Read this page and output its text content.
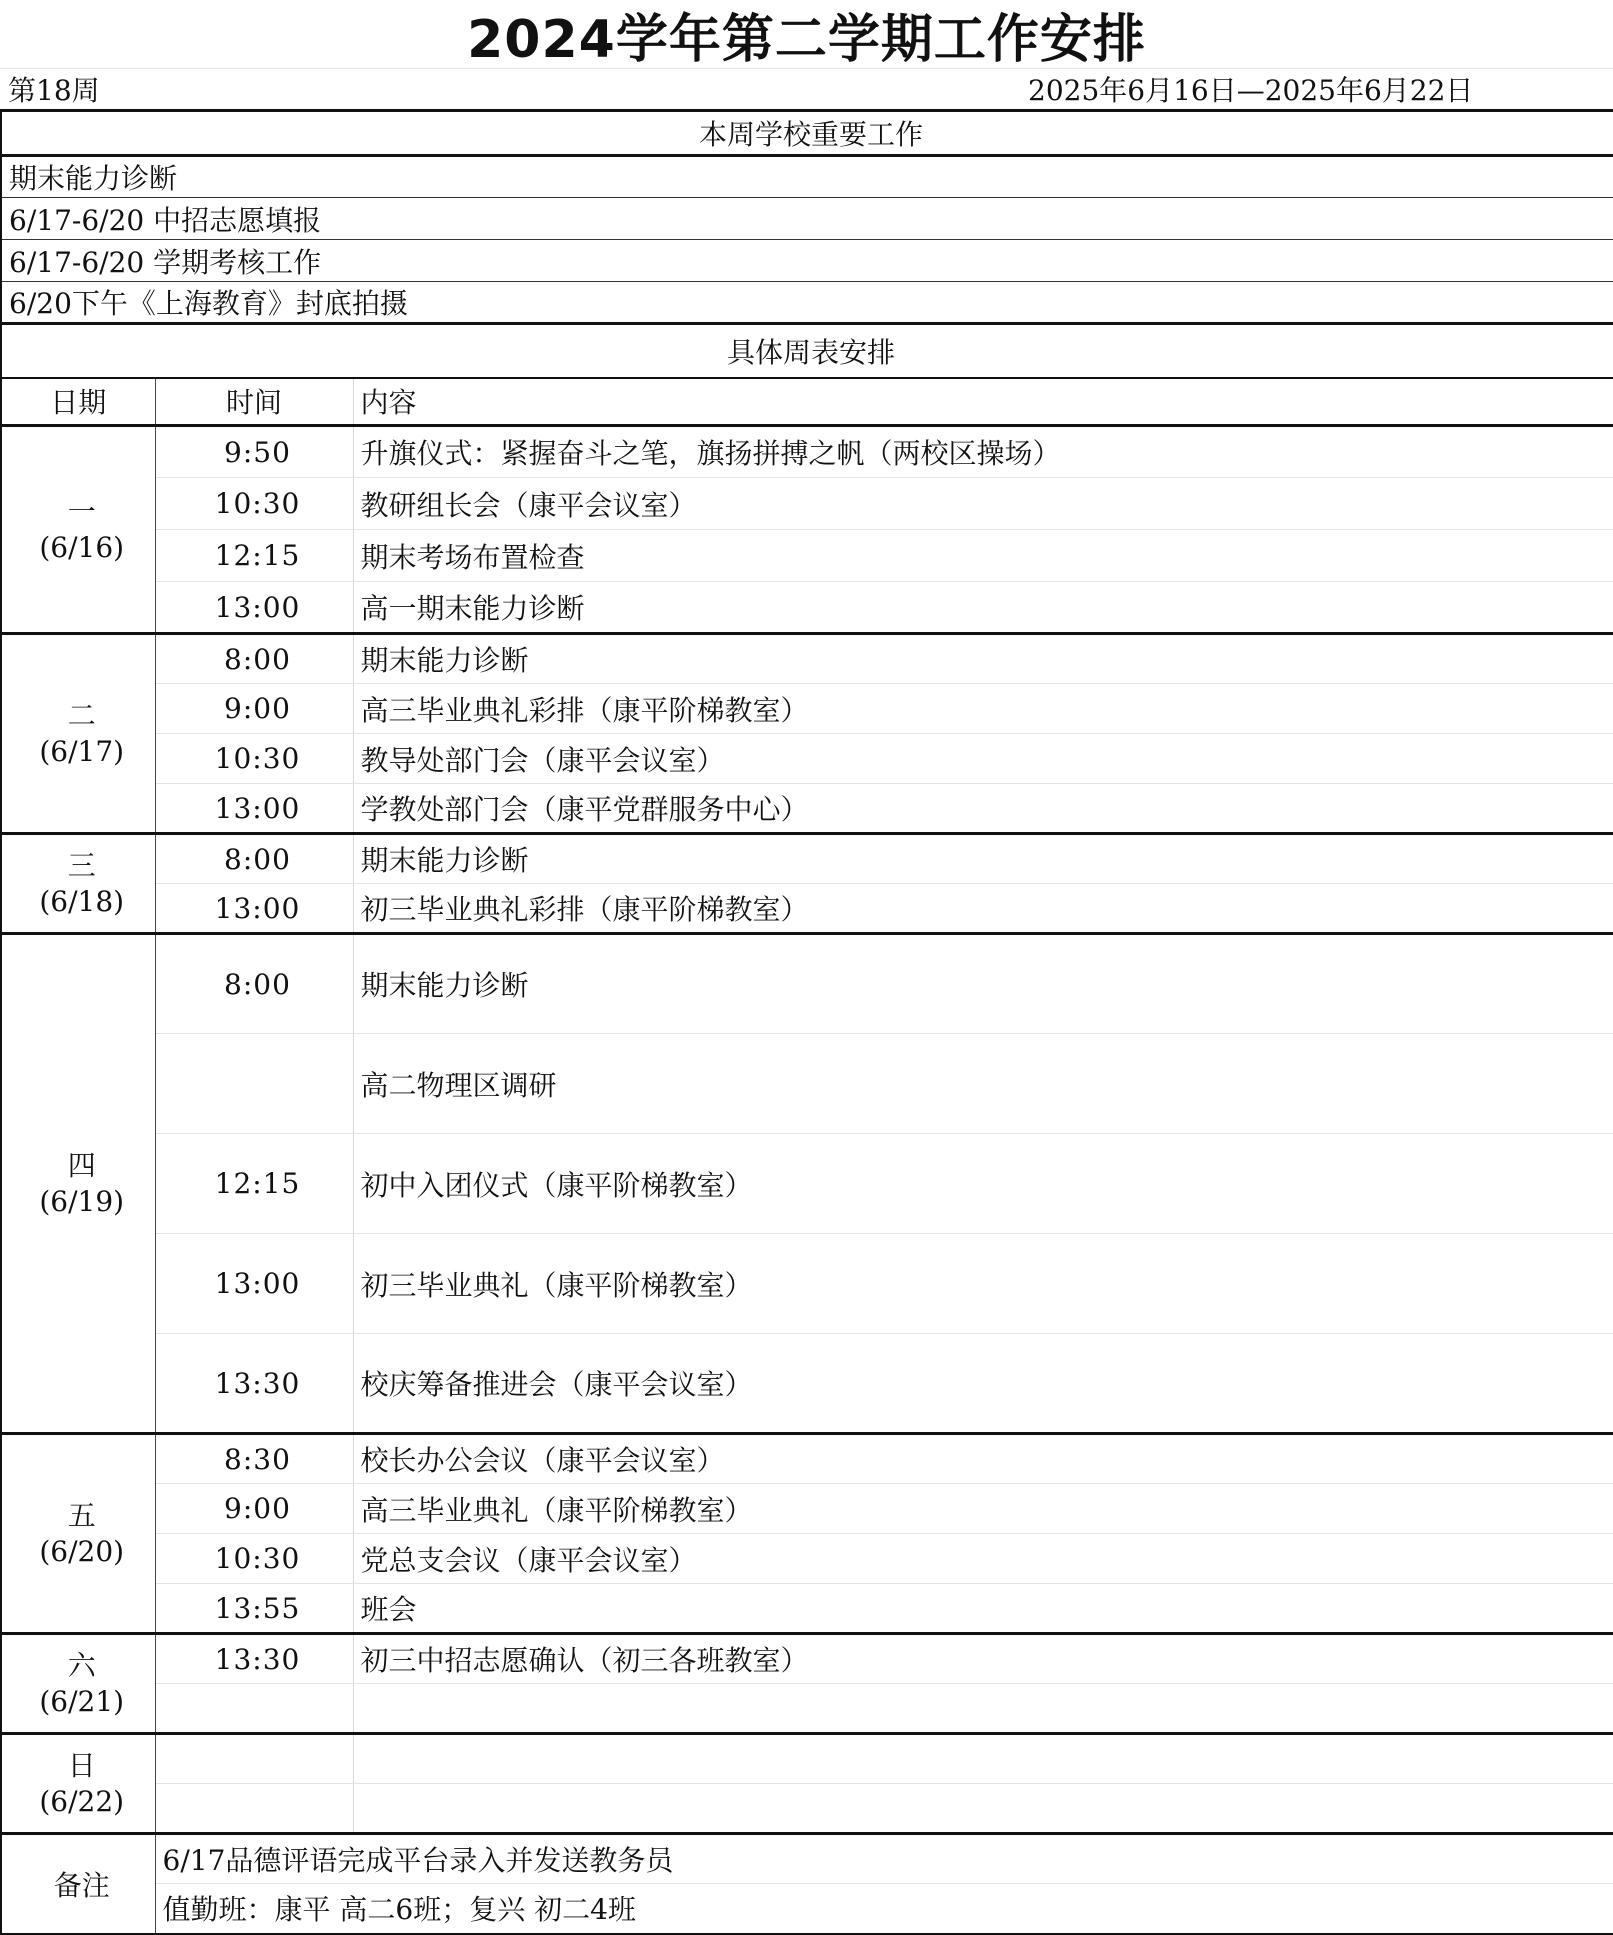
2024学年第二学期工作安排
第18周	2025年6月16日—2025年6月22日
本周学校重要工作		
期末能力诊断		
6/17-6/20 中招志愿填报		
6/17-6/20 学期考核工作		
6/20下午《上海教育》封底拍摄		
具体周表安排		
日期	时间	内容

一
(6/16)	9:50	升旗仪式：紧握奋斗之笔，旗扬拼搏之帆（两校区操场）
	10:30	教研组长会（康平会议室）
	12:15	期末考场布置检查
	13:00	高一期末能力诊断

二
(6/17)	8:00	期末能力诊断
	9:00	高三毕业典礼彩排（康平阶梯教室）
	10:30	教导处部门会（康平会议室）
	13:00	学教处部门会（康平党群服务中心）

三
(6/18)	8:00	期末能力诊断
	13:00	初三毕业典礼彩排（康平阶梯教室）

四
(6/19)	8:00	期末能力诊断
		高二物理区调研
	12:15	初中入团仪式（康平阶梯教室）
	13:00	初三毕业典礼（康平阶梯教室）
	13:30	校庆筹备推进会（康平会议室）

五
(6/20)	8:30	校长办公会议（康平会议室）
	9:00	高三毕业典礼（康平阶梯教室）
	10:30	党总支会议（康平会议室）
	13:55	班会

六
(6/21)	13:30	初三中招志愿确认（初三各班教室）

日
(6/22)		

备注	6/17品德评语完成平台录入并发送教务员	
	值勤班：康平 高二6班；复兴 初二4班	
